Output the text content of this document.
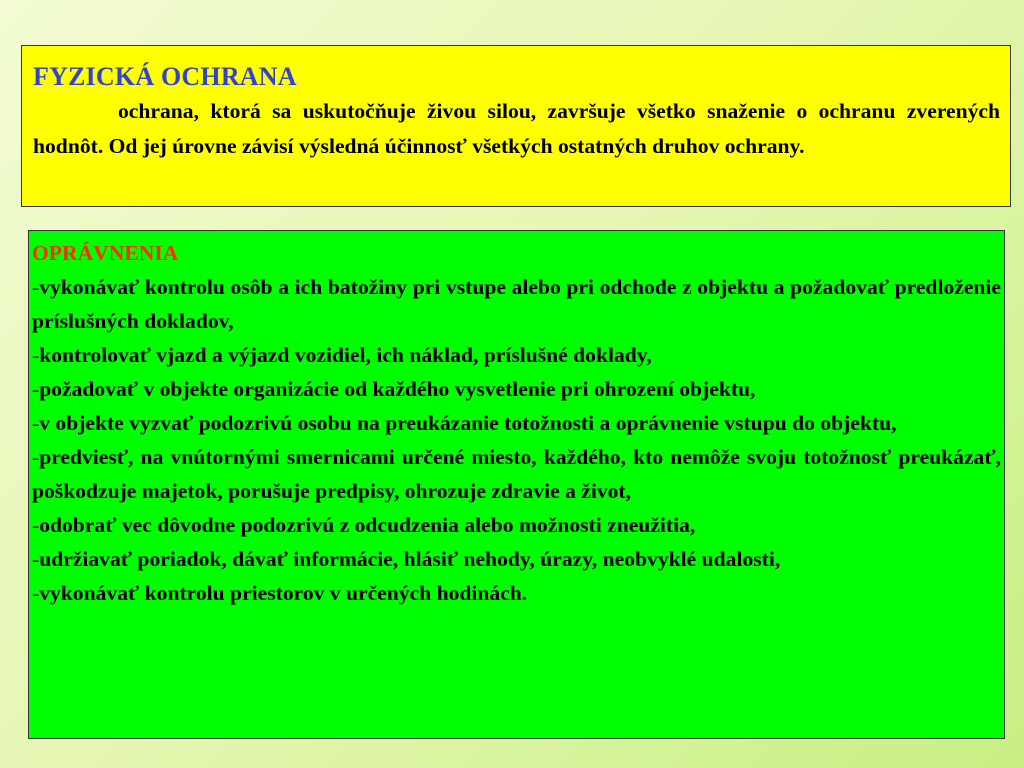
FYZICKÁ OCHRANA

ochrana, ktorá sa uskutočňuje živou silou, završuje všetko snaženie o ochranu zverených hodnôt. Od jej úrovne závisí výsledná účinnosť všetkých ostatných druhov ochrany.

OPRÁVNENIA
-vykonávať kontrolu osôb a ich batožiny pri vstupe alebo pri odchode z objektu a požadovať predloženie príslušných dokladov,
-kontrolovať vjazd a výjazd vozidiel, ich náklad, príslušné doklady,
-požadovať v objekte organizácie od každého vysvetlenie pri ohrození objektu,
-v objekte vyzvať podozrivú osobu na preukázanie totožnosti a oprávnenie vstupu do objektu,
-predviesť, na vnútornými smernicami určené miesto, každého, kto nemôže svoju totožnosť preukázať, poškodzuje majetok, porušuje predpisy, ohrozuje zdravie a život,
-odobrať vec dôvodne podozrivú z odcudzenia alebo možnosti zneužitia,
-udržiavať poriadok, dávať informácie, hlásiť nehody, úrazy, neobvyklé udalosti,
-vykonávať kontrolu priestorov v určených hodinách.
